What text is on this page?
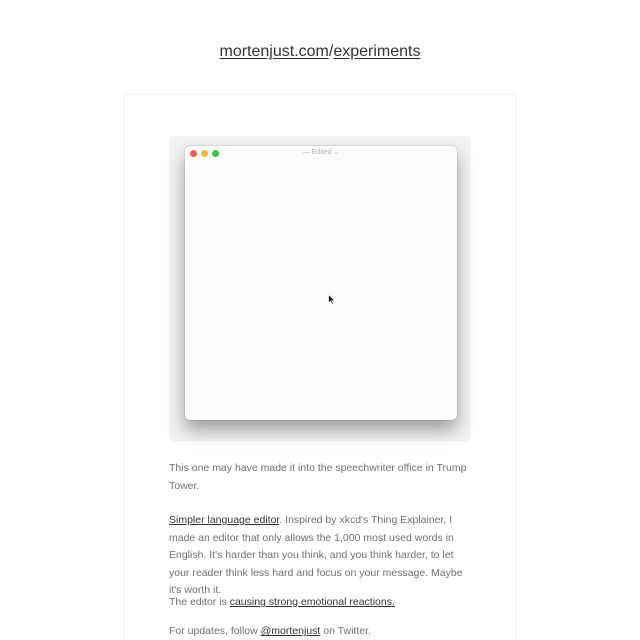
mortenjust.com/experiments
— Edited ⌄

This one may have made it into the speechwriter office in Trump Tower.

Simpler language editor. Inspired by xkcd's Thing Explainer, I made an editor that only allows the 1,000 most used words in English. It's harder than you think, and you think harder, to let your reader think less hard and focus on your message. Maybe it's worth it.

The editor is causing strong emotional reactions.

For updates, follow @mortenjust on Twitter.
